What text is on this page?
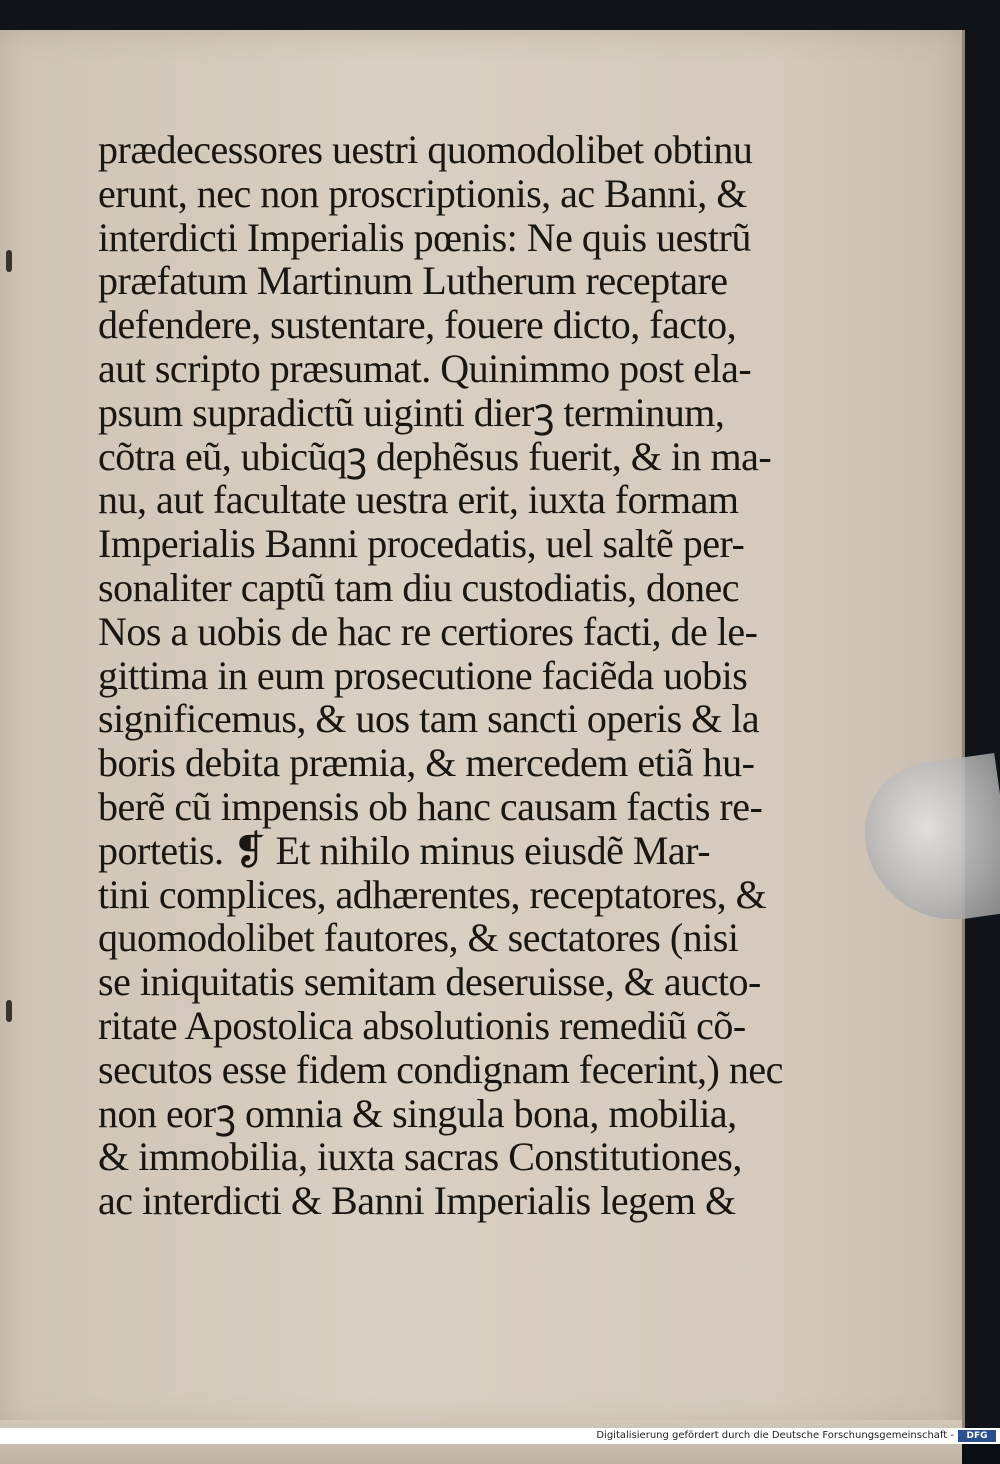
prædecessores uestri quomodolibet obtinu
erunt, nec non proscriptionis, ac Banni, &
interdicti Imperialis pœnis: Ne quis uestrũ
præfatum Martinum Lutherum receptare
defendere, sustentare, fouere dicto, facto,
aut scripto præsumat. Quinimmo post ela-
psum supradictũ uiginti dierꝫ terminum,
cõtra eũ, ubicũqꝫ dephẽsus fuerit, & in ma-
nu, aut facultate uestra erit, iuxta formam
Imperialis Banni procedatis, uel saltẽ per-
sonaliter captũ tam diu custodiatis, donec
Nos a uobis de hac re certiores facti, de le-
gittima in eum prosecutione faciẽda uobis
significemus, & uos tam sancti operis & la
boris debita præmia, & mercedem etiã hu-
berẽ cũ impensis ob hanc causam factis re-
portetis. ❡ Et nihilo minus eiusdẽ Mar-
tini complices, adhærentes, receptatores, &
quomodolibet fautores, & sectatores (nisi
se iniquitatis semitam deseruisse, & aucto-
ritate Apostolica absolutionis remediũ cõ-
secutos esse fidem condignam fecerint,) nec
non eorꝫ omnia & singula bona, mobilia,
& immobilia, iuxta sacras Constitutiones,
ac interdicti & Banni Imperialis legem &
Digitalisierung gefördert durch die Deutsche Forschungsgemeinschaft -	DFG
